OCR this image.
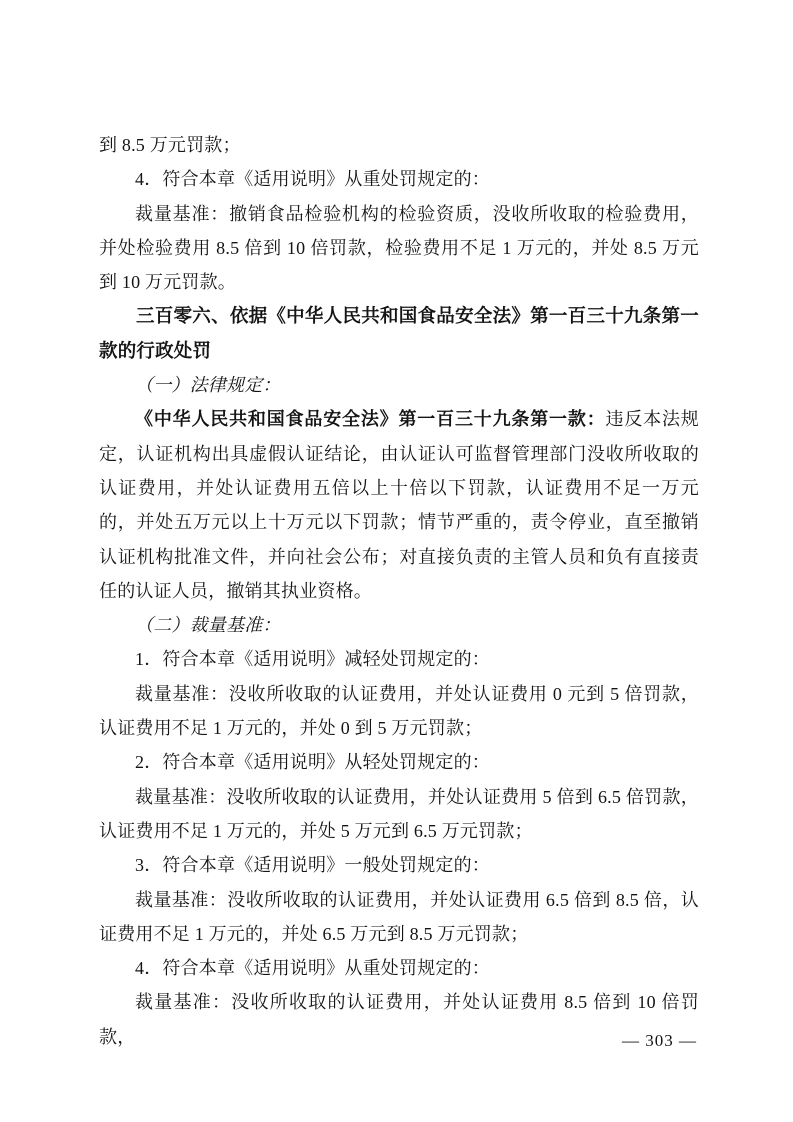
到 8.5 万元罚款；

4．符合本章《适用说明》从重处罚规定的：

裁量基准：撤销食品检验机构的检验资质，没收所收取的检验费用，并处检验费用 8.5 倍到 10 倍罚款，检验费用不足 1 万元的，并处 8.5 万元到 10 万元罚款。

三百零六、依据《中华人民共和国食品安全法》第一百三十九条第一款的行政处罚

（一）法律规定：

《中华人民共和国食品安全法》第一百三十九条第一款：违反本法规定，认证机构出具虚假认证结论，由认证认可监督管理部门没收所收取的认证费用，并处认证费用五倍以上十倍以下罚款，认证费用不足一万元的，并处五万元以上十万元以下罚款；情节严重的，责令停业，直至撤销认证机构批准文件，并向社会公布；对直接负责的主管人员和负有直接责任的认证人员，撤销其执业资格。

（二）裁量基准：

1．符合本章《适用说明》减轻处罚规定的：

裁量基准：没收所收取的认证费用，并处认证费用 0 元到 5 倍罚款，认证费用不足 1 万元的，并处 0 到 5 万元罚款；

2．符合本章《适用说明》从轻处罚规定的：

裁量基准：没收所收取的认证费用，并处认证费用 5 倍到 6.5 倍罚款，认证费用不足 1 万元的，并处 5 万元到 6.5 万元罚款；

3．符合本章《适用说明》一般处罚规定的：

裁量基准：没收所收取的认证费用，并处认证费用 6.5 倍到 8.5 倍，认证费用不足 1 万元的，并处 6.5 万元到 8.5 万元罚款；

4．符合本章《适用说明》从重处罚规定的：

裁量基准：没收所收取的认证费用，并处认证费用 8.5 倍到 10 倍罚款，	— 303 —
